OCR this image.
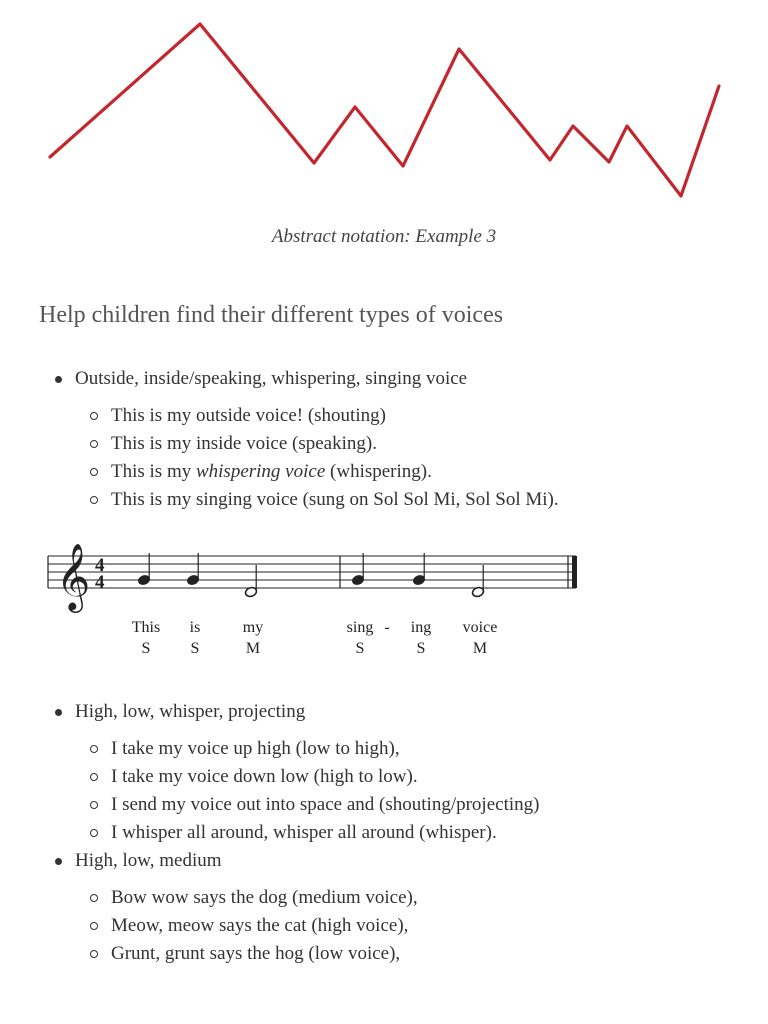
Abstract notation: Example 3
Help children find their different types of voices
Outside, inside/speaking, whispering, singing voice
This is my outside voice! (shouting)
This is my inside voice (speaking).
This is my whispering voice (whispering).
This is my singing voice (sung on Sol Sol Mi, Sol Sol Mi).
𝄞 4
4
This
S
is
S
my
M
sing
S
ing
S
voice
M
-
High, low, whisper, projecting
I take my voice up high (low to high),
I take my voice down low (high to low).
I send my voice out into space and (shouting/projecting)
I whisper all around, whisper all around (whisper).
High, low, medium
Bow wow says the dog (medium voice),
Meow, meow says the cat (high voice),
Grunt, grunt says the hog (low voice),
